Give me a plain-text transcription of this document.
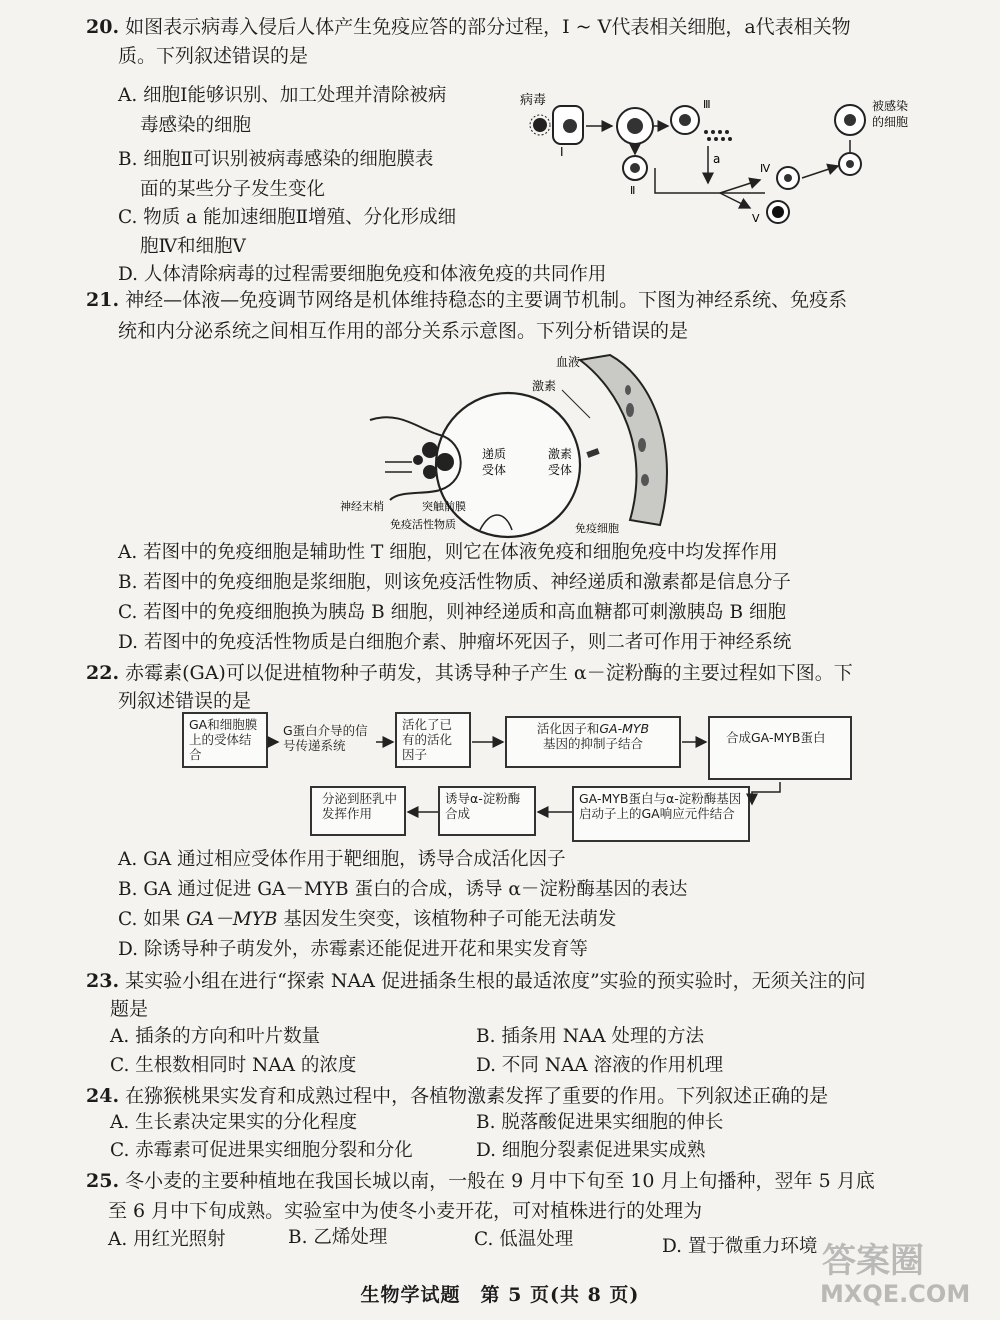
20. 如图表示病毒入侵后人体产生免疫应答的部分过程，Ⅰ ~ Ⅴ代表相关细胞，a代表相关物
质。下列叙述错误的是
A. 细胞Ⅰ能够识别、加工处理并清除被病
毒感染的细胞
B. 细胞Ⅱ可识别被病毒感染的细胞膜表
面的某些分子发生变化
C. 物质 a 能加速细胞Ⅱ增殖、分化形成细
胞Ⅳ和细胞Ⅴ
D. 人体清除病毒的过程需要细胞免疫和体液免疫的共同作用
病毒
Ⅰ
Ⅲ
a
Ⅱ
Ⅳ
Ⅴ
被感染
的细胞
21. 神经—体液—免疫调节网络是机体维持稳态的主要调节机制。下图为神经系统、免疫系
统和内分泌系统之间相互作用的部分关系示意图。下列分析错误的是
血液
激素
递质
受体
激素
受体
神经末梢	突触前膜
免疫活性物质	免疫细胞
A. 若图中的免疫细胞是辅助性 T 细胞，则它在体液免疫和细胞免疫中均发挥作用
B. 若图中的免疫细胞是浆细胞，则该免疫活性物质、神经递质和激素都是信息分子
C. 若图中的免疫细胞换为胰岛 B 细胞，则神经递质和高血糖都可刺激胰岛 B 细胞
D. 若图中的免疫活性物质是白细胞介素、肿瘤坏死因子，则二者可作用于神经系统
22. 赤霉素(GA)可以促进植物种子萌发，其诱导种子产生 α－淀粉酶的主要过程如下图。下
列叙述错误的是
GA和细胞膜上的受体结合
G蛋白介导的信号传递系统
活化了已有的活化因子
活化因子和GA-MYB
基因的抑制子结合	合成GA-MYB蛋白
GA-MYB蛋白与α-淀粉酶基因启动子上的GA响应元件结合
诱导α-淀粉酶合成
分泌到胚乳中发挥作用
A. GA 通过相应受体作用于靶细胞，诱导合成活化因子
B. GA 通过促进 GA－MYB 蛋白的合成，诱导 α－淀粉酶基因的表达
C. 如果 GA－MYB 基因发生突变，该植物种子可能无法萌发
D. 除诱导种子萌发外，赤霉素还能促进开花和果实发育等
23. 某实验小组在进行“探索 NAA 促进插条生根的最适浓度”实验的预实验时，无须关注的问
题是
A. 插条的方向和叶片数量	B. 插条用 NAA 处理的方法
C. 生根数相同时 NAA 的浓度	D. 不同 NAA 溶液的作用机理
24. 在猕猴桃果实发育和成熟过程中，各植物激素发挥了重要的作用。下列叙述正确的是
A. 生长素决定果实的分化程度	B. 脱落酸促进果实细胞的伸长
C. 赤霉素可促进果实细胞分裂和分化	D. 细胞分裂素促进果实成熟
25. 冬小麦的主要种植地在我国长城以南，一般在 9 月中下旬至 10 月上旬播种，翌年 5 月底
至 6 月中下旬成熟。实验室中为使冬小麦开花，可对植株进行的处理为
A. 用红光照射	B. 乙烯处理	C. 低温处理	D. 置于微重力环境
生物学试题　第 5 页(共 8 页)
答案圈
MXQE.COM
